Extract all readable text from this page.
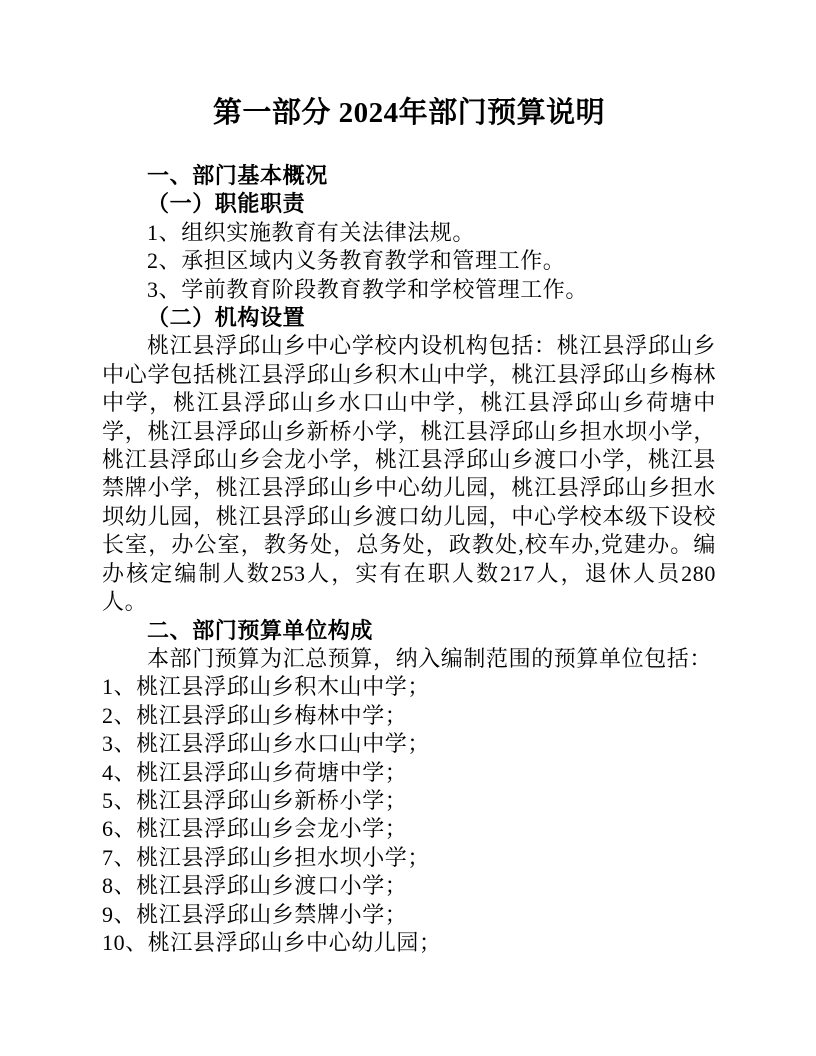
第一部分 2024年部门预算说明
一、部门基本概况
（一）职能职责
1、组织实施教育有关法律法规。
2、承担区域内义务教育教学和管理工作。
3、学前教育阶段教育教学和学校管理工作。
（二）机构设置

桃江县浮邱山乡中心学校内设机构包括：桃江县浮邱山乡中心学包括桃江县浮邱山乡积木山中学，桃江县浮邱山乡梅林中学，桃江县浮邱山乡水口山中学，桃江县浮邱山乡荷塘中学，桃江县浮邱山乡新桥小学，桃江县浮邱山乡担水坝小学，桃江县浮邱山乡会龙小学，桃江县浮邱山乡渡口小学，桃江县禁牌小学，桃江县浮邱山乡中心幼儿园，桃江县浮邱山乡担水坝幼儿园，桃江县浮邱山乡渡口幼儿园，中心学校本级下设校长室，办公室，教务处，总务处，政教处,校车办,党建办。编办核定编制人数253人，实有在职人数217人，退休人员280人。

二、部门预算单位构成
本部门预算为汇总预算，纳入编制范围的预算单位包括：
1、桃江县浮邱山乡积木山中学；
2、桃江县浮邱山乡梅林中学；
3、桃江县浮邱山乡水口山中学；
4、桃江县浮邱山乡荷塘中学；
5、桃江县浮邱山乡新桥小学；
6、桃江县浮邱山乡会龙小学；
7、桃江县浮邱山乡担水坝小学；
8、桃江县浮邱山乡渡口小学；
9、桃江县浮邱山乡禁牌小学；
10、桃江县浮邱山乡中心幼儿园；
